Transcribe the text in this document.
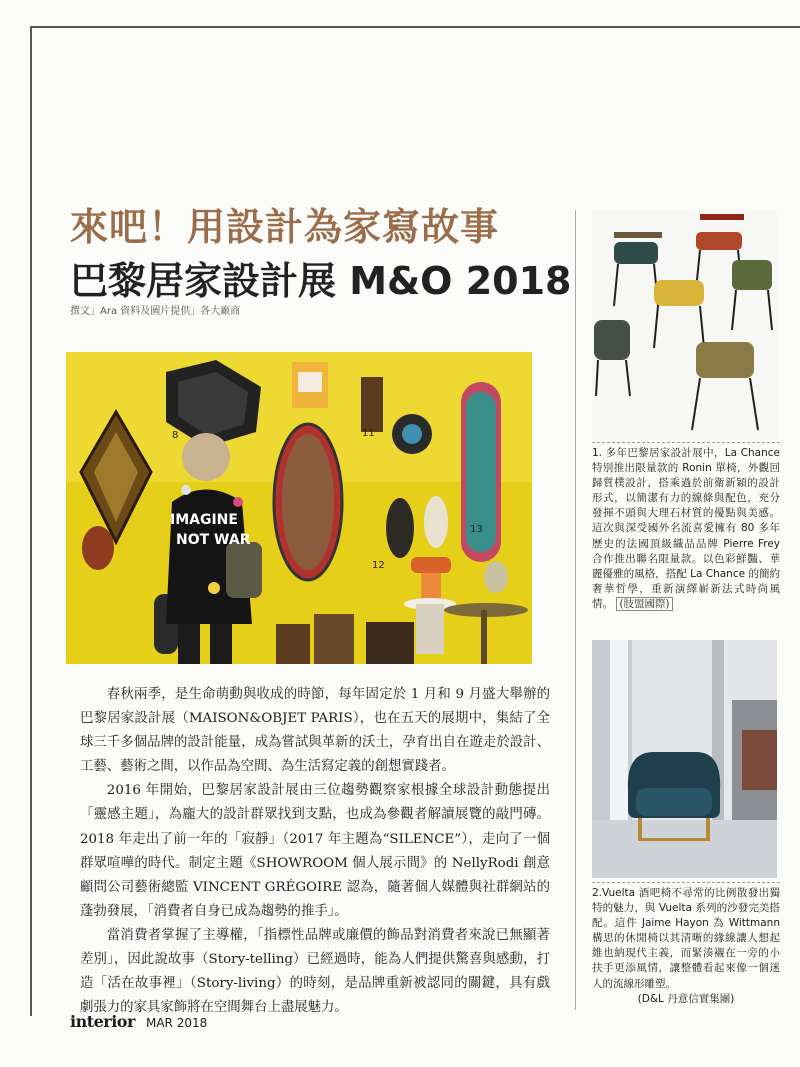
來吧！用設計為家寫故事
巴黎居家設計展 M&O 2018
撰文」Ara 資料及圖片提供」各大廠商
IMAGINE
NOT WAR
8	11
12
13

春秋兩季，是生命萌動與收成的時節，每年固定於 1 月和 9 月盛大舉辦的巴黎居家設計展（MAISON&OBJET PARIS），也在五天的展期中，集結了全球三千多個品牌的設計能量，成為嘗試與革新的沃土，孕育出自在遊走於設計、工藝、藝術之間，以作品為空間、為生活寫定義的創想實踐者。

2016 年開始，巴黎居家設計展由三位趨勢觀察家根據全球設計動態提出「靈感主題」，為龐大的設計群眾找到支點，也成為參觀者解讀展覽的敲門磚。2018 年走出了前一年的「寂靜」（2017 年主題為“SILENCE”），走向了一個群眾喧嘩的時代。制定主題《SHOWROOM 個人展示間》的 NellyRodi 創意顧問公司藝術總監 VINCENT GRÉGOIRE 認為，隨著個人媒體與社群網站的蓬勃發展，「消費者自身已成為趨勢的推手」。

當消費者掌握了主導權，「指標性品牌或廉價的飾品對消費者來說已無顯著差別」，因此說故事（Story-telling）已經過時，能為人們提供驚喜與感動，打造「活在故事裡」（Story-living）的時刻，是品牌重新被認同的關鍵，具有戲劇張力的家具家飾將在空間舞台上盡展魅力。

1. 多年巴黎居家設計展中，La Chance 特別推出限量款的 Ronin 單椅，外觀回歸質樸設計，搭乘過於前衛新穎的設計形式，以簡潔有力的線條與配色，充分發揮不頭與大理石材質的優點與美感。這次與深受國外名流喜愛擁有 80 多年歷史的法國頂級織品品牌 Pierre Frey 合作推出聯名限量款。以色彩鮮豔、華麗優雅的風格，搭配 La Chance 的簡約奢華哲學，重新演繹嶄新法式時尚風情。 (肢盟國際)
2.Vuelta 酒吧椅不尋常的比例散發出獨特的魅力，與 Vuelta 系列的沙發完美搭配。這件 Jaime Hayon 為 Wittmann 構思的休閒椅以其清晰的緣線讓人想起維也納現代主義，而緊湊襯在一旁的小扶手更添風情，讓整體看起來像一個迷人的流線形雕塑。
(D&L 丹意信實集團)
interior MAR 2018
